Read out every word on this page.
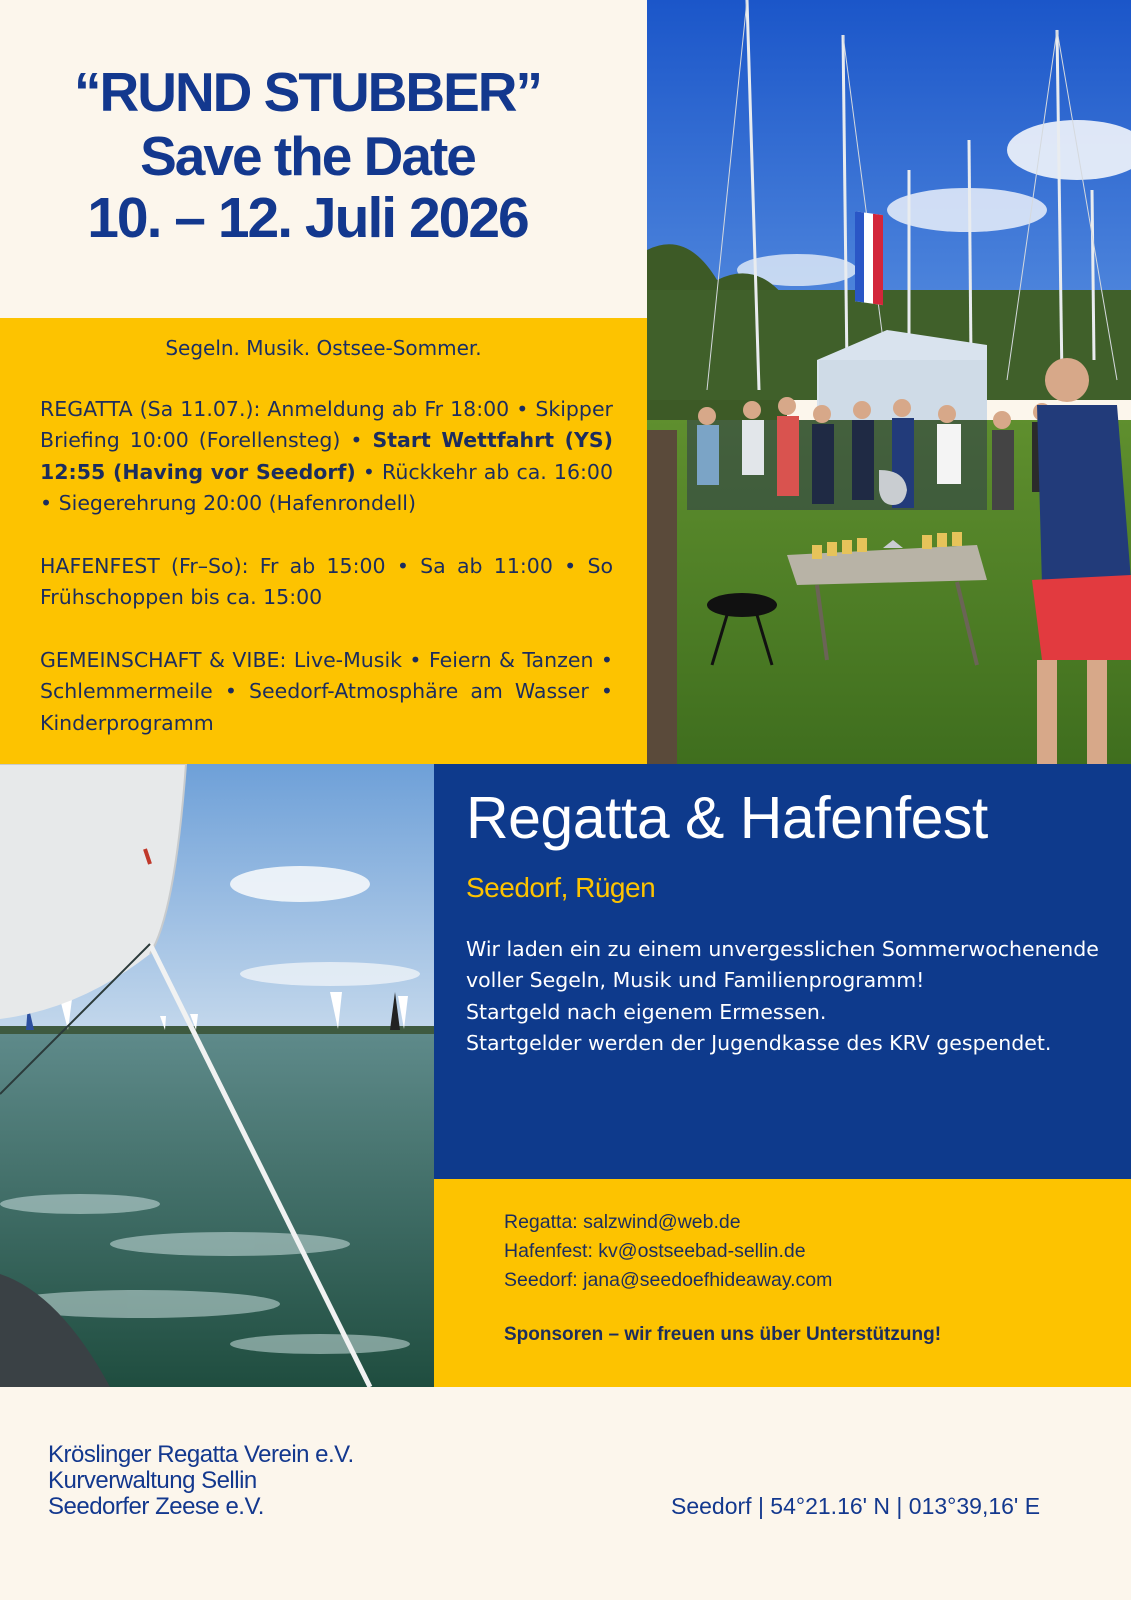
“RUND STUBBER”
Save the Date
10. – 12. Juli 2026
Segeln. Musik. Ostsee-Sommer.
REGATTA (Sa 11.07.): Anmeldung ab Fr 18:00 • Skipper Briefing 10:00 (Forellensteg) • Start Wettfahrt (YS) 12:55 (Having vor Seedorf) • Rückkehr ab ca. 16:00 • Siegerehrung 20:00 (Hafenrondell)
HAFENFEST (Fr–So): Fr ab 15:00 • Sa ab 11:00 • So Frühschoppen bis ca. 15:00
GEMEINSCHAFT & VIBE: Live-Musik • Feiern & Tanzen • Schlemmermeile • Seedorf-Atmosphäre am Wasser • Kinderprogramm
Regatta & Hafenfest
Seedorf, Rügen
Wir laden ein zu einem unvergesslichen Sommerwochenende voller Segeln, Musik und Familienprogramm!
Startgeld nach eigenem Ermessen.
Startgelder werden der Jugendkasse des KRV gespendet.
Regatta: salzwind@web.de
Hafenfest: kv@ostseebad-sellin.de
Seedorf: jana@seedoefhideaway.com
Sponsoren – wir freuen uns über Unterstützung!
Kröslinger Regatta Verein e.V.
Kurverwaltung Sellin
Seedorfer Zeese e.V.	Seedorf | 54°21.16' N | 013°39,16' E
